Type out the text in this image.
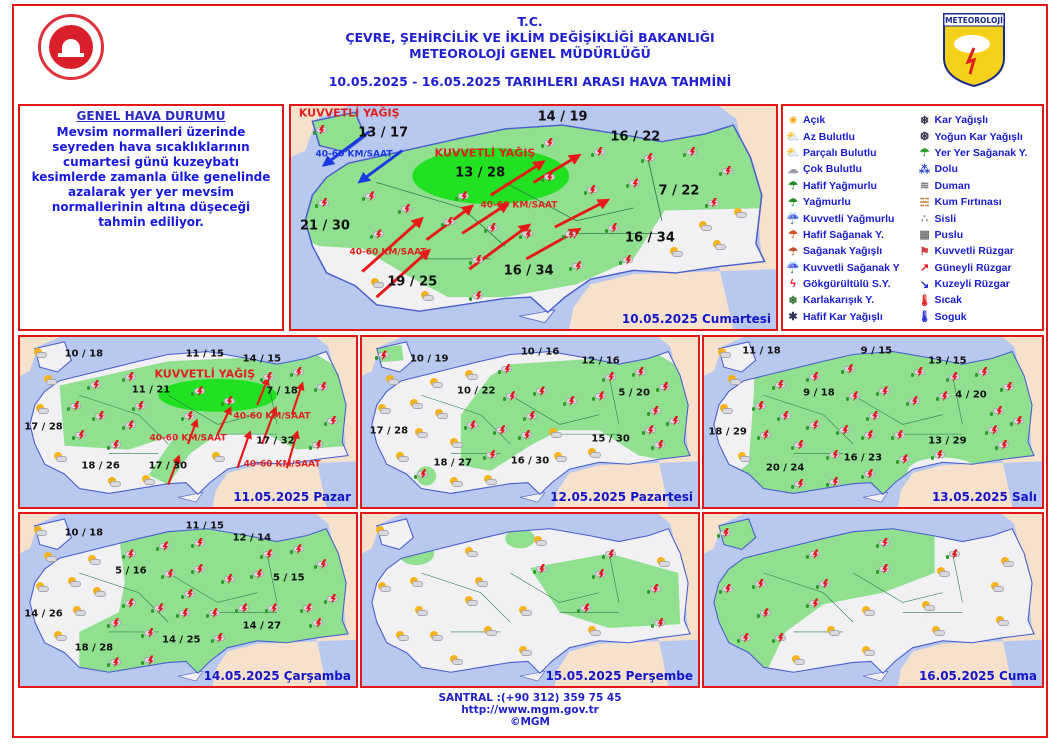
METEOROLOJİ
T.C.
ÇEVRE, ŞEHİRCİLİK VE İKLİM DEĞİŞİKLİĞİ BAKANLIĞI
METEOROLOJİ GENEL MÜDÜRLÜĞÜ
10.05.2025 - 16.05.2025 TARIHLERI ARASI HAVA TAHMİNİ
GENEL HAVA DURUMU

Mevsim normalleri üzerinde seyreden hava sıcaklıklarının cumartesi günü kuzeybatı kesimlerde zamanla ülke genelinde azalarak yer yer mevsim normallerinin altına düşeceği tahmin ediliyor.

40-60 KM/SAAT
40-60 KM/SAAT
40-60 KM/SAAT
KUVVETLİ YAĞIŞ
KUVVETLİ YAĞIŞ
13 / 17
14 / 19
16 / 22
13 / 28
7 / 22
21 / 30
16 / 34
19 / 25
16 / 34
10.05.2025 Cumartesi
☀ Açık
⛅ Az Bulutlu
⛅ Parçalı Bulutlu
☁ Çok Bulutlu
☂ Hafif Yağmurlu
☂ Yağmurlu
☔ Kuvvetli Yağmurlu
☂ Hafif Sağanak Y.
☂ Sağanak Yağışlı
☔ Kuvvetli Sağanak Y
ϟ Gökgürültülü S.Y.
❄ Karlakarışık Y.
✱ Hafif Kar Yağışlı
❄ Kar Yağışlı
❆ Yoğun Kar Yağışlı
☂ Yer Yer Sağanak Y.
⁂ Dolu
≋ Duman
☵ Kum Fırtınası
∴ Sisli
▦ Puslu
⚑ Kuvvetli Rüzgar
↗ Güneyli Rüzgar
↘ Kuzeyli Rüzgar
🌡 Sıcak
🌡 Soguk
40-60 KM/SAAT
40-60 KM/SAAT
40-60 KM/SAAT
KUVVETLİ YAĞIŞ
10 / 18	11 / 15 14 / 15
11 / 21	7 / 18
17 / 28
17 / 32
18 / 26	17 / 30
11.05.2025 Pazar
10 / 19
10 / 16
12 / 16
10 / 22	5 / 20
17 / 28
15 / 30
18 / 27	16 / 30
12.05.2025 Pazartesi
11 / 18	9 / 15
13 / 15
9 / 18	4 / 20
18 / 29
13 / 29
16 / 23
20 / 24
13.05.2025 Salı
10 / 18
11 / 15
12 / 14
5 / 16
5 / 15
14 / 26
14 / 27
14 / 25
18 / 28
14.05.2025 Çarşamba	15.05.2025 Perşembe	16.05.2025 Cuma
SANTRAL :(+90 312) 359 75 45
http://www.mgm.gov.tr
©MGM
